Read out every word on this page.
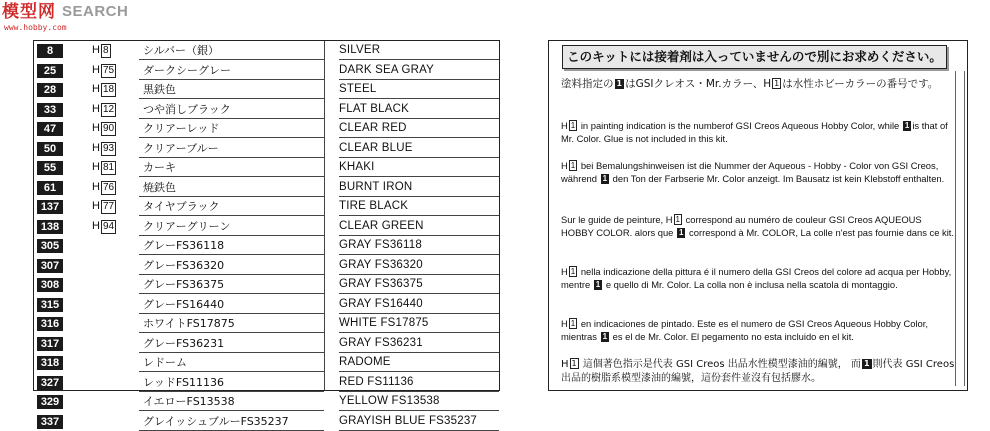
模型网
www.hobby.com
SEARCH
8	H 8	シルバー（銀）	SILVER
25	H 75	ダークシーグレー	DARK SEA GRAY
28	H 18	黒鉄色	STEEL
33	H 12	つや消しブラック	FLAT BLACK
47	H 90	クリアーレッド	CLEAR RED
50	H 93	クリアーブルー	CLEAR BLUE
55	H 81	カーキ	KHAKI
61	H 76	焼鉄色	BURNT IRON
137	H 77	タイヤブラック	TIRE BLACK
138	H 94	クリアーグリーン	CLEAR GREEN
305	グレーFS36118	GRAY FS36118
307	グレーFS36320	GRAY FS36320
308	グレーFS36375	GRAY FS36375
315	グレーFS16440	GRAY FS16440
316	ホワイトFS17875	WHITE FS17875
317	グレーFS36231	GRAY FS36231
318	レドーム	RADOME
327	レッドFS11136	RED FS11136
329	イエローFS13538	YELLOW FS13538
337	グレイッシュブルーFS35237	GRAYISH BLUE FS35237
このキットには接着剤は入っていませんので別にお求めください。
塗料指定の 1 はGSIクレオス・Mr.カラー、H 1 は水性ホビーカラーの番号です。
H 1 in painting indication is the numberof GSI Creos Aqueous Hobby Color, while 1 is that of Mr. Color. Glue is not included in this kit.
H 1 bei Bemalungshinweisen ist die Nummer der Aqueous - Hobby - Color von GSI Creos, während 1 den Ton der Farbserie Mr. Color anzeigt. Im Bausatz ist kein Klebstoff enthalten.
Sur le guide de peinture, H 1 correspond au numéro de couleur GSI Creos AQUEOUS HOBBY COLOR. alors que 1 correspond à Mr. COLOR, La colle n'est pas fournie dans ce kit.
H 1 nella indicazione della pittura é il numero della GSI Creos del colore ad acqua per Hobby, mentre 1 e quello di Mr. Color. La colla non è inclusa nella scatola di montaggio.
H 1 en indicaciones de pintado. Este es el numero de GSI Creos Aqueous Hobby Color, mientras 1 es el de Mr. Color. El pegamento no esta incluido en el kit.
H 1 這個著色指示是代表 GSI Creos 出品水性模型漆油的編號， 而 1 則代表 GSI Creos 出品的樹脂系模型漆油的編號，這份套件並沒有包括膠水。
